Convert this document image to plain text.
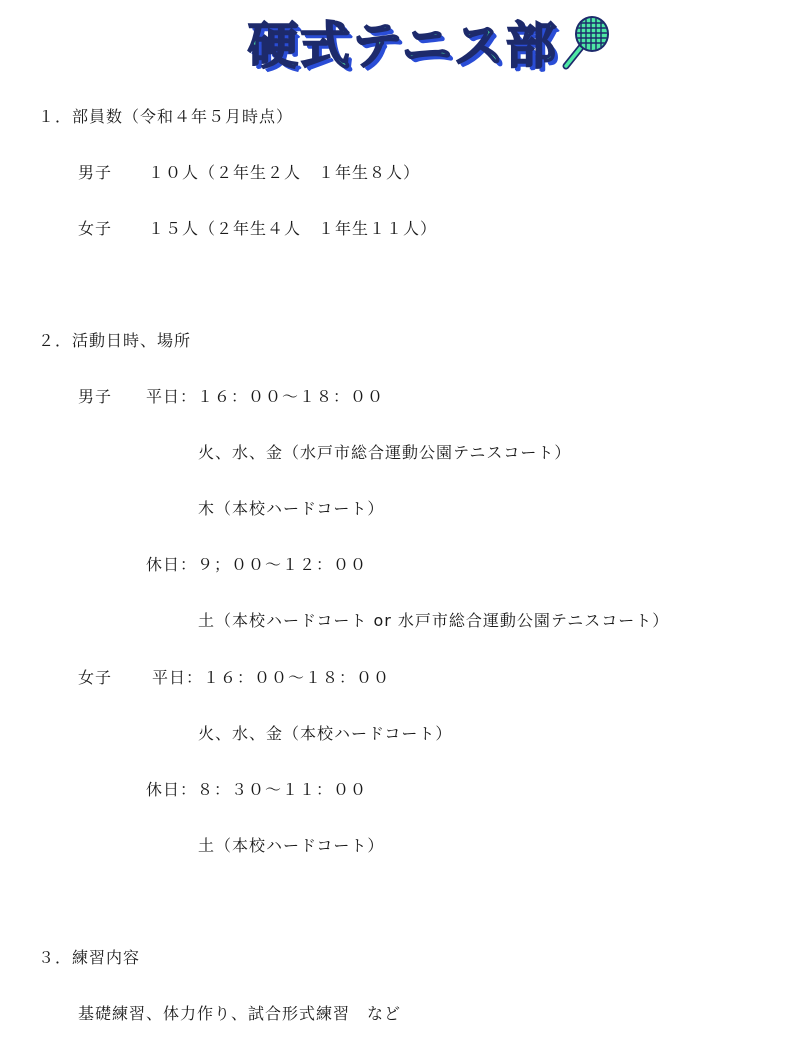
硬式テニス部
１．部員数（令和４年５月時点）
男子 １０人（２年生２人　１年生８人）
女子 １５人（２年生４人　１年生１１人）
２．活動日時、場所
男子 平日：１６：００～１８：００
火、水、金（水戸市総合運動公園テニスコート）
木（本校ハードコート）
休日：９；００～１２：００
土（本校ハードコート or 水戸市総合運動公園テニスコート）
女子 平日：１６：００～１８：００
火、水、金（本校ハードコート）
休日：８：３０～１１：００
土（本校ハードコート）
３．練習内容
基礎練習、体力作り、試合形式練習　など
